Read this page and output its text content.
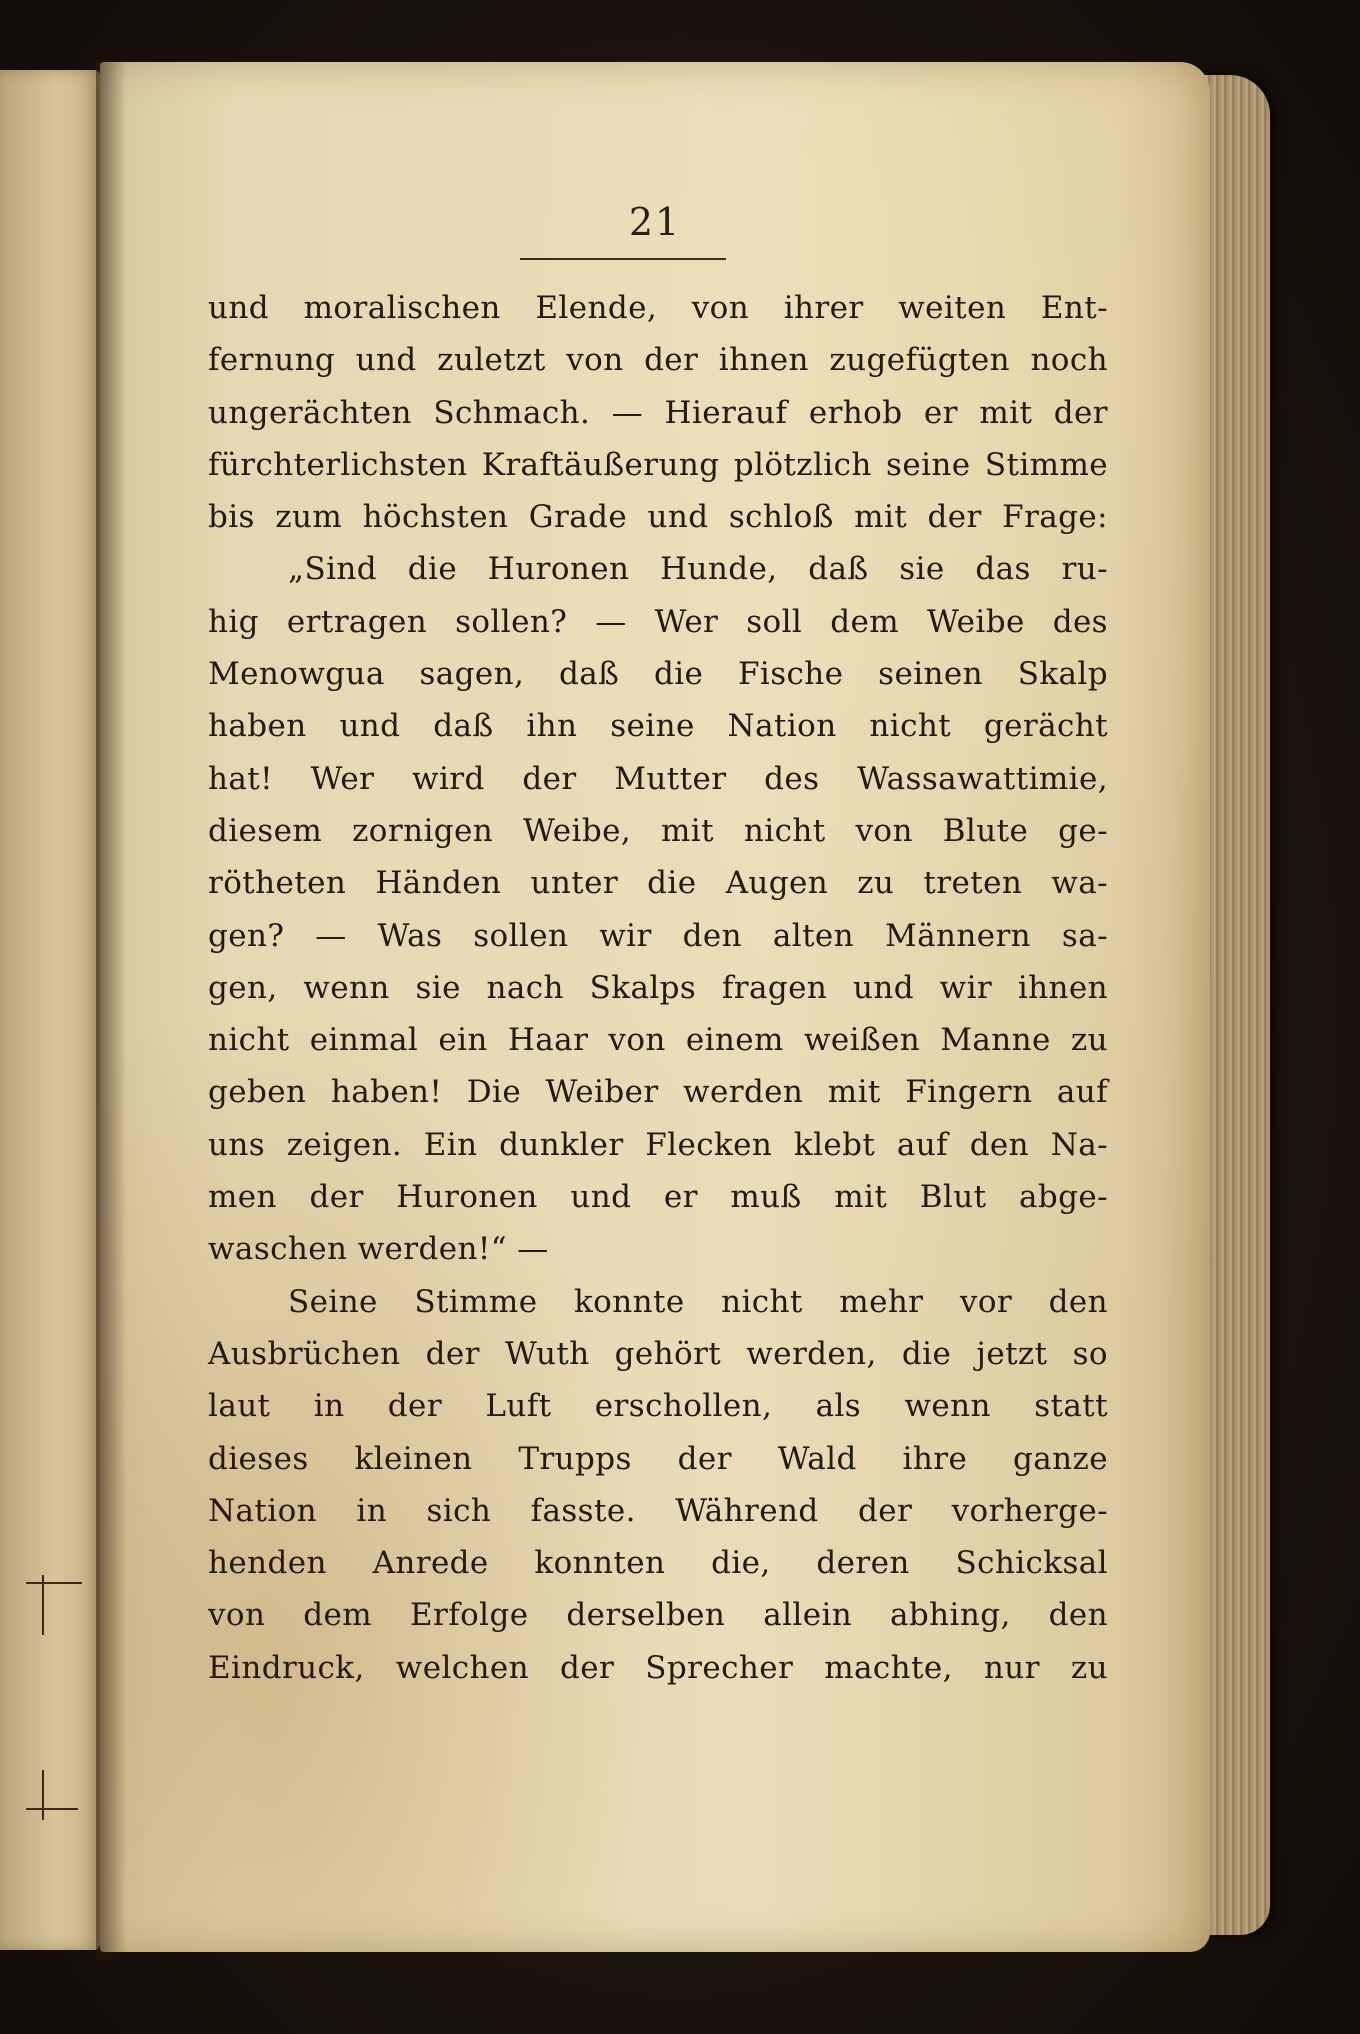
21
und moralischen Elende, von ihrer weiten Ent-
fernung und zuletzt von der ihnen zugefügten noch
ungerächten Schmach. — Hierauf erhob er mit der
fürchterlichsten Kraftäußerung plötzlich seine Stimme
bis zum höchsten Grade und schloß mit der Frage:
„Sind die Huronen Hunde, daß sie das ru-
hig ertragen sollen? — Wer soll dem Weibe des
Menowgua sagen, daß die Fische seinen Skalp
haben und daß ihn seine Nation nicht gerächt
hat! Wer wird der Mutter des Wassawattimie,
diesem zornigen Weibe, mit nicht von Blute ge-
rötheten Händen unter die Augen zu treten wa-
gen? — Was sollen wir den alten Männern sa-
gen, wenn sie nach Skalps fragen und wir ihnen
nicht einmal ein Haar von einem weißen Manne zu
geben haben! Die Weiber werden mit Fingern auf
uns zeigen. Ein dunkler Flecken klebt auf den Na-
men der Huronen und er muß mit Blut abge-
waschen werden!“ —
Seine Stimme konnte nicht mehr vor den
Ausbrüchen der Wuth gehört werden, die jetzt so
laut in der Luft erschollen, als wenn statt
dieses kleinen Trupps der Wald ihre ganze
Nation in sich fasste. Während der vorherge-
henden Anrede konnten die, deren Schicksal
von dem Erfolge derselben allein abhing, den
Eindruck, welchen der Sprecher machte, nur zu
